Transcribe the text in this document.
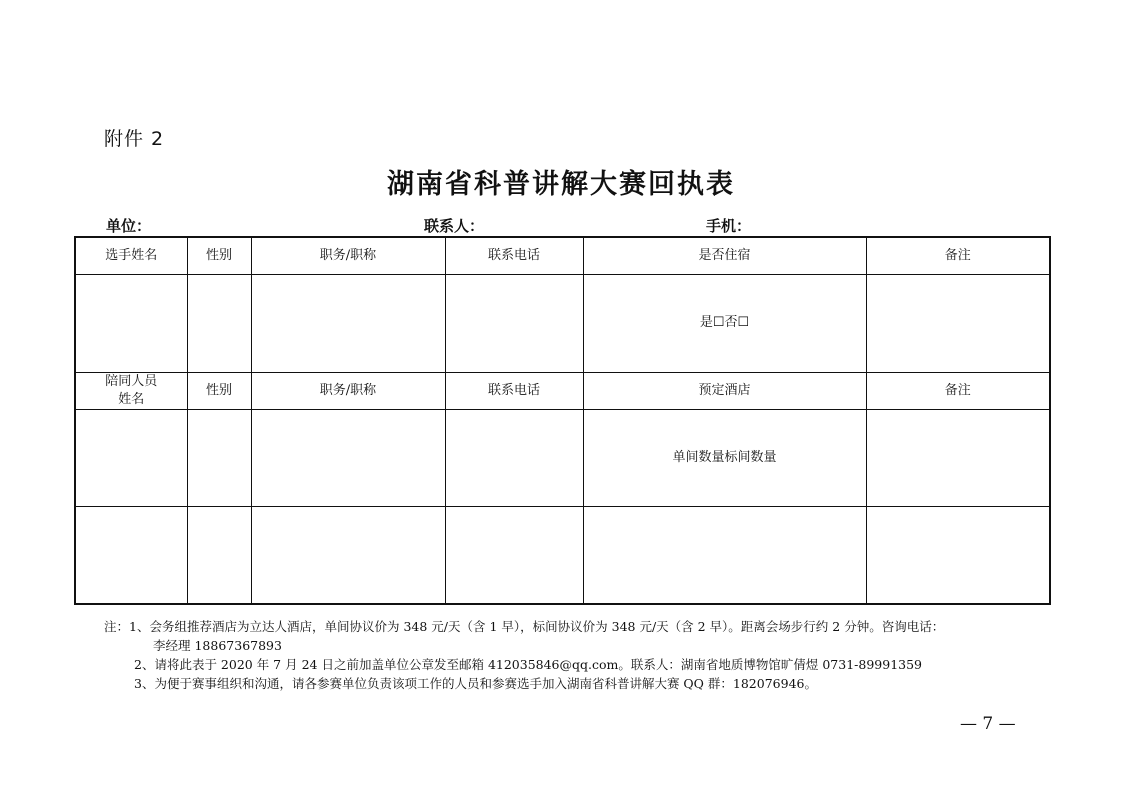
附件 2
湖南省科普讲解大赛回执表
单位：	联系人：	手机：
选手姓名	性别	职务/职称	联系电话	是否住宿	备注
				是☐否☐	

陪同人员
姓名	性别	职务/职称	联系电话	预定酒店	备注
				单间数量标间数量	

注：1、会务组推荐酒店为立达人酒店，单间协议价为 348 元/天（含 1 早），标间协议价为 348 元/天（含 2 早）。距离会场步行约 2 分钟。咨询电话：
李经理 18867367893
2、请将此表于 2020 年 7 月 24 日之前加盖单位公章发至邮箱 412035846@qq.com。联系人：湖南省地质博物馆旷倩煜 0731-89991359
3、为便于赛事组织和沟通，请各参赛单位负责该项工作的人员和参赛选手加入湖南省科普讲解大赛 QQ 群：182076946。
— 7 —
